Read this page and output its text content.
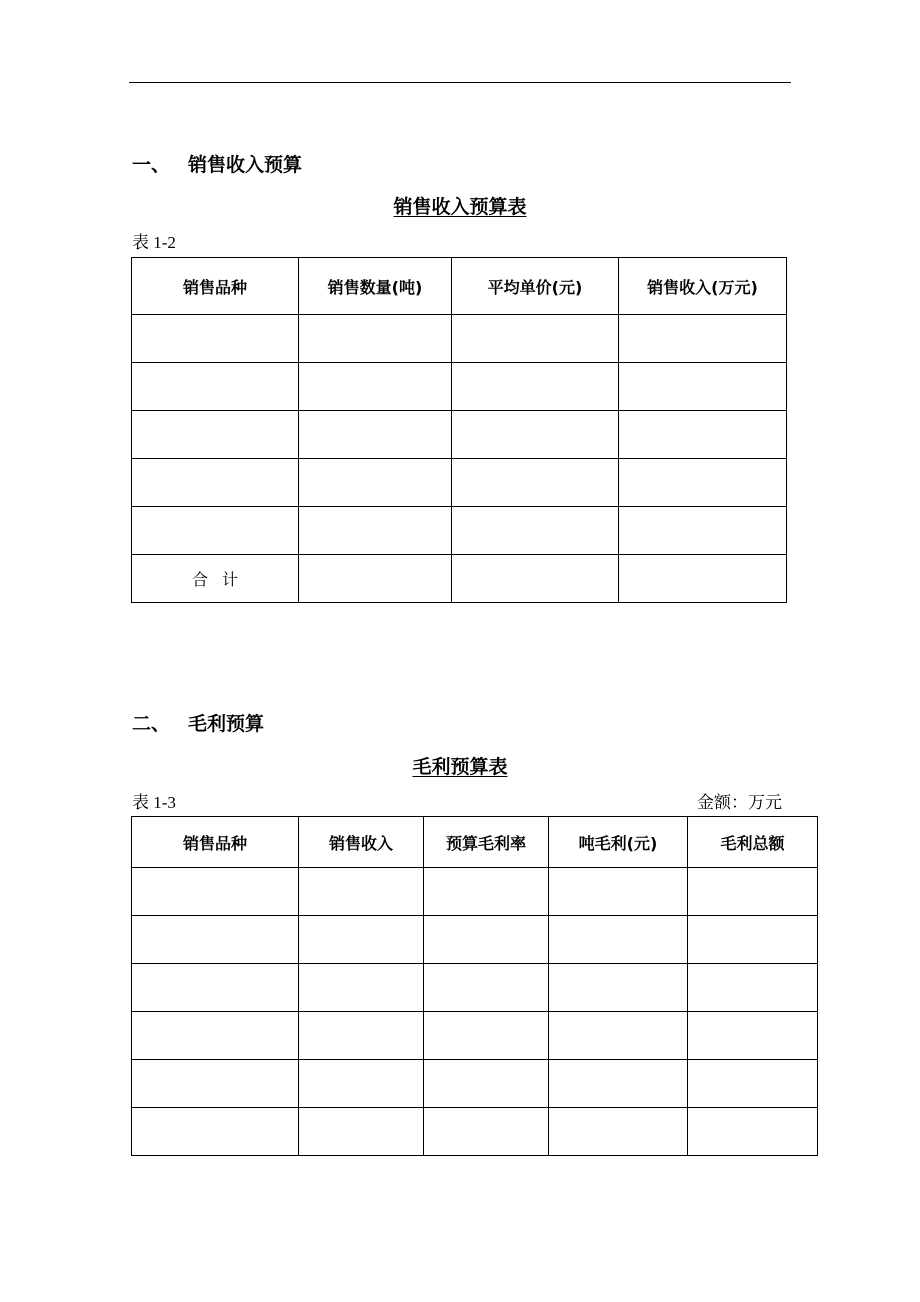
一、 销售收入预算
销售收入预算表
表 1-2
销售品种	销售数量(吨)	平均单价(元)	销售收入(万元)

合计			
二、 毛利预算
毛利预算表
表 1-3	金额：万元
销售品种	销售收入	预算毛利率	吨毛利(元)	毛利总额
